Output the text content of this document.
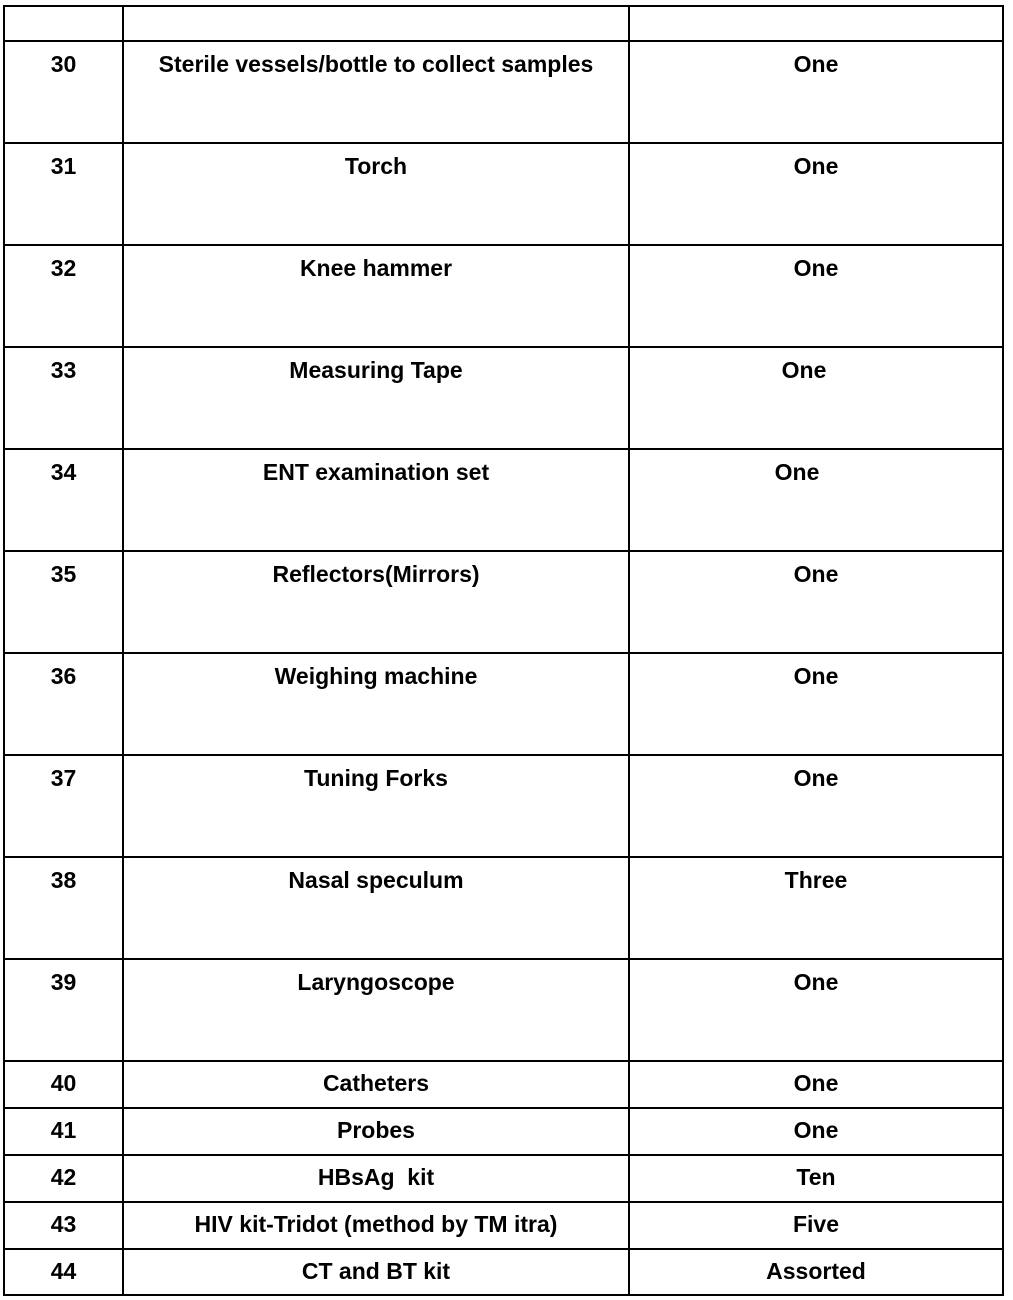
30	Sterile vessels/bottle to collect samples	One

31	Torch	One

32	Knee hammer	One

33	Measuring Tape	One

34	ENT examination set	One

35	Reflectors(Mirrors)	One

36	Weighing machine	One

37	Tuning Forks	One

38	Nasal speculum	Three

39	Laryngoscope	One

40	Catheters	One

41	Probes	One

42	HBsAg  kit	Ten

43	HIV kit-Tridot (method by TM itra)	Five

44	CT and BT kit	Assorted
